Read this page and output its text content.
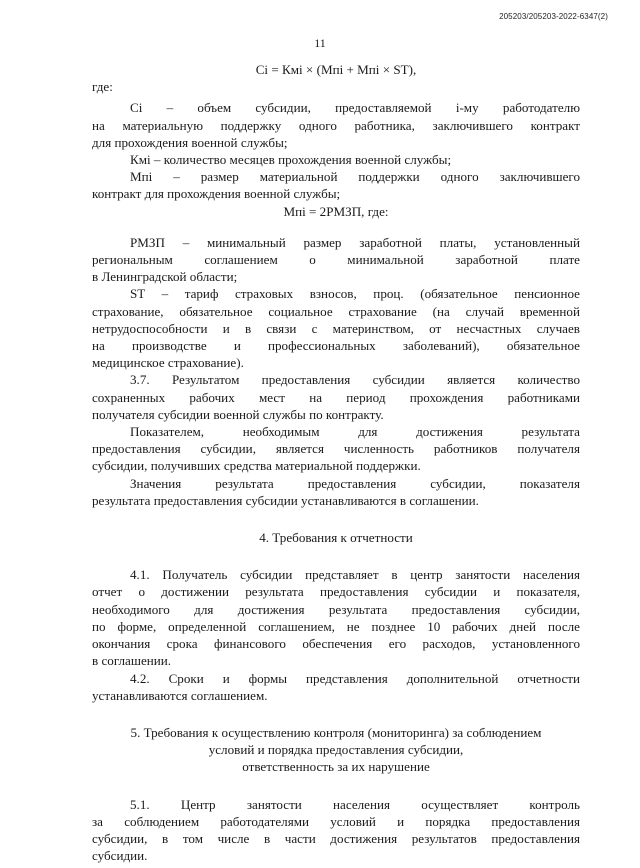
205203/205203-2022-6347(2)
11
Ci = Кмi × (Мпi + Мпi × ST),
где:
Ci – объем субсидии, предоставляемой i-му работодателю
на материальную поддержку одного работника, заключившего контракт
для прохождения военной службы;
Кмi – количество месяцев прохождения военной службы;
Мпi – размер материальной поддержки одного заключившего
контракт для прохождения военной службы;
Мпi = 2РМЗП, где:
РМЗП – минимальный размер заработной платы, установленный
региональным соглашением о минимальной заработной плате
в Ленинградской области;
ST – тариф страховых взносов, проц. (обязательное пенсионное
страхование, обязательное социальное страхование (на случай временной
нетрудоспособности и в связи с материнством, от несчастных случаев
на производстве и профессиональных заболеваний), обязательное
медицинское страхование).
3.7. Результатом предоставления субсидии является количество
сохраненных рабочих мест на период прохождения работниками
получателя субсидии военной службы по контракту.
Показателем, необходимым для достижения результата
предоставления субсидии, является численность работников получателя
субсидии, получивших средства материальной поддержки.
Значения результата предоставления субсидии, показателя
результата предоставления субсидии устанавливаются в соглашении.
4. Требования к отчетности
4.1. Получатель субсидии представляет в центр занятости населения
отчет о достижении результата предоставления субсидии и показателя,
необходимого для достижения результата предоставления субсидии,
по форме, определенной соглашением, не позднее 10 рабочих дней после
окончания срока финансового обеспечения его расходов, установленного
в соглашении.
4.2. Сроки и формы представления дополнительной отчетности
устанавливаются соглашением.
5. Требования к осуществлению контроля (мониторинга) за соблюдением
условий и порядка предоставления субсидии,
ответственность за их нарушение
5.1. Центр занятости населения осуществляет контроль
за соблюдением работодателями условий и порядка предоставления
субсидии, в том числе в части достижения результатов предоставления
субсидии.
